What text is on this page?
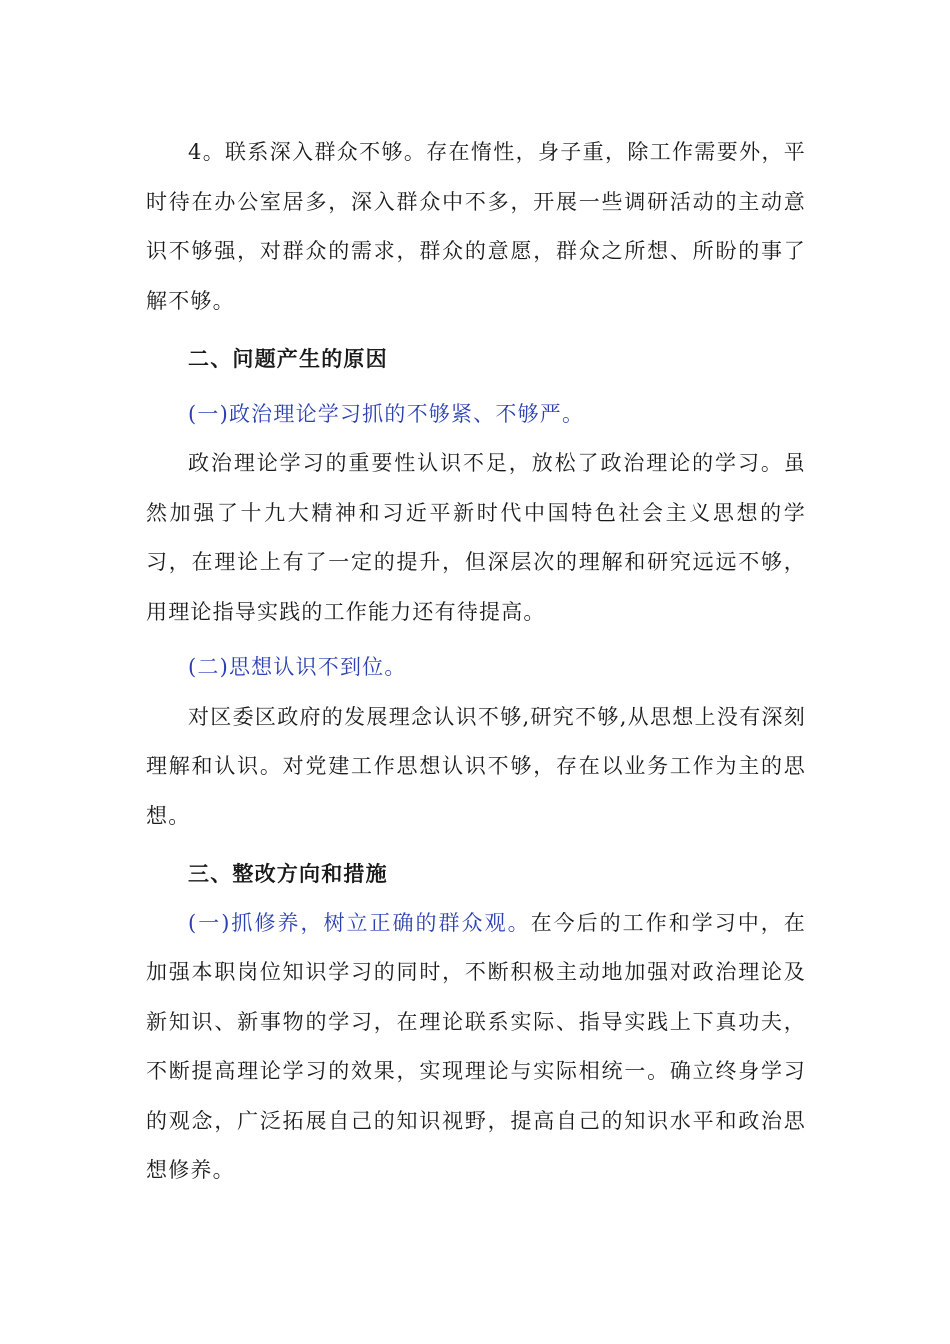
4。联系深入群众不够。存在惰性，身子重，除工作需要外，平时待在办公室居多，深入群众中不多，开展一些调研活动的主动意识不够强，对群众的需求，群众的意愿，群众之所想、所盼的事了解不够。

二、问题产生的原因

(一)政治理论学习抓的不够紧、不够严。

政治理论学习的重要性认识不足，放松了政治理论的学习。虽然加强了十九大精神和习近平新时代中国特色社会主义思想的学习，在理论上有了一定的提升，但深层次的理解和研究远远不够，用理论指导实践的工作能力还有待提高。

(二)思想认识不到位。

对区委区政府的发展理念认识不够,研究不够,从思想上没有深刻理解和认识。对党建工作思想认识不够，存在以业务工作为主的思想。

三、整改方向和措施

(一)抓修养，树立正确的群众观。在今后的工作和学习中，在加强本职岗位知识学习的同时，不断积极主动地加强对政治理论及新知识、新事物的学习，在理论联系实际、指导实践上下真功夫，不断提高理论学习的效果，实现理论与实际相统一。确立终身学习的观念，广泛拓展自己的知识视野，提高自己的知识水平和政治思想修养。
